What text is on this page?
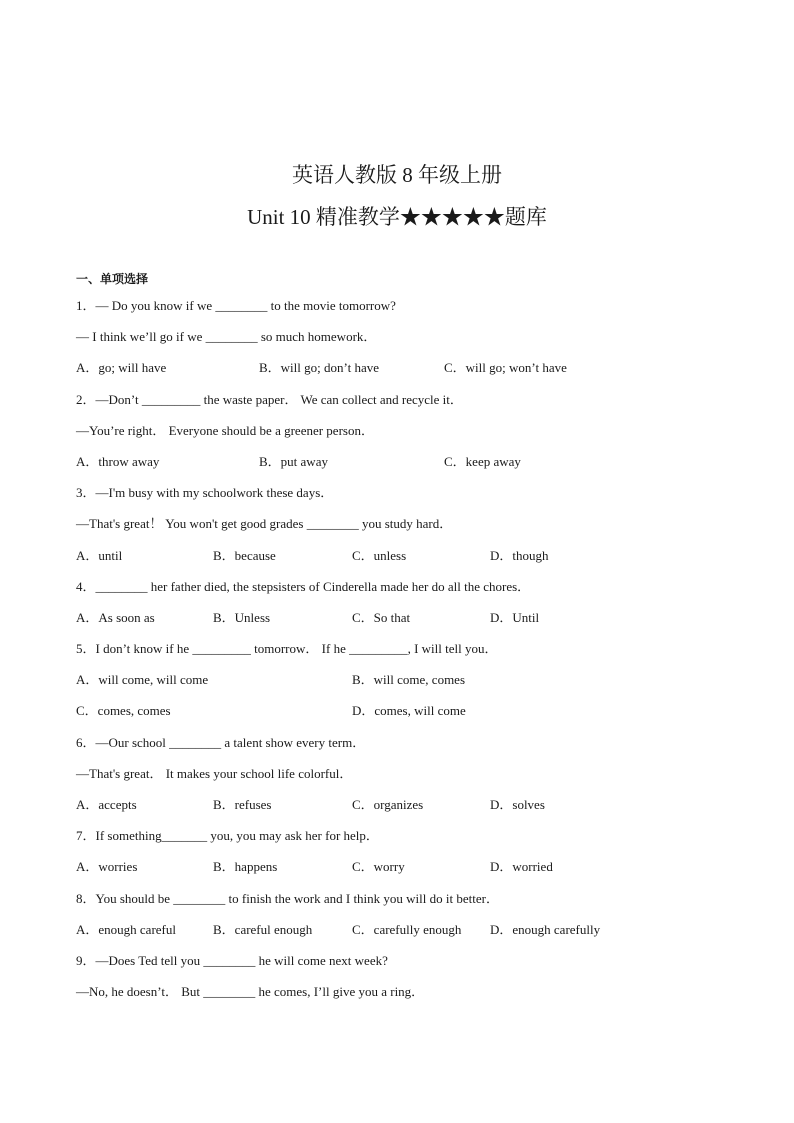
英语人教版 8 年级上册
Unit 10 精准教学★★★★★题库
一、单项选择
1．— Do you know if we ________ to the movie tomorrow?
— I think we’ll go if we ________ so much homework．
A．go; will have	B．will go; don’t have	C．will go; won’t have
2．—Don’t _________ the waste paper． We can collect and recycle it．
—You’re right． Everyone should be a greener person．
A．throw away	B．put away	C．keep away
3．—I'm busy with my schoolwork these days．
—That's great！ You won't get good grades ________ you study hard．
A．until	B．because	C．unless	D．though
4．________ her father died, the stepsisters of Cinderella made her do all the chores．
A．As soon as	B．Unless	C．So that	D．Until
5．I don’t know if he _________ tomorrow． If he _________, I will tell you．
A．will come, will come	B．will come, comes
C．comes, comes	D．comes, will come
6．—Our school ________ a talent show every term．
—That's great． It makes your school life colorful．
A．accepts	B．refuses	C．organizes	D．solves
7．If something_______ you, you may ask her for help．
A．worries	B．happens	C．worry	D．worried
8．You should be ________ to finish the work and I think you will do it better．
A．enough careful	B．careful enough	C．carefully enough D．enough carefully
9．—Does Ted tell you ________ he will come next week?
—No, he doesn’t． But ________ he comes, I’ll give you a ring．
